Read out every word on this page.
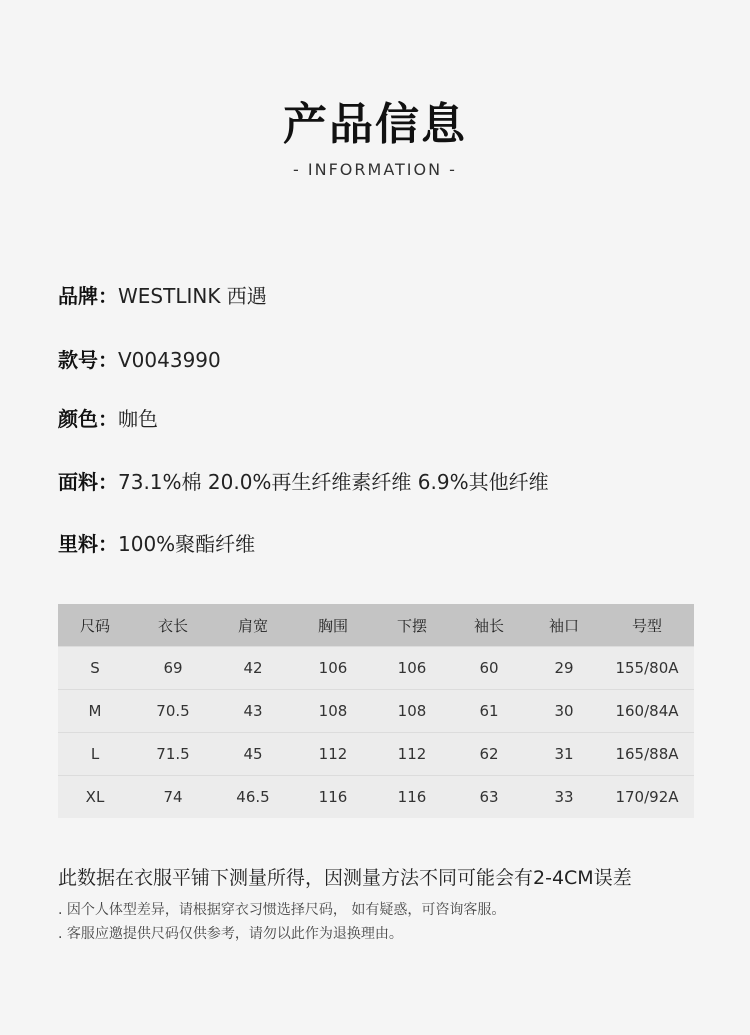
产品信息
- INFORMATION -
品牌：WESTLINK 西遇
款号：V0043990
颜色：咖色
面料：73.1%棉 20.0%再生纤维素纤维 6.9%其他纤维
里料：100%聚酯纤维
尺码	衣长	肩宽	胸围	下摆	袖长	袖口	号型
S	69	42	106	106	60	29	155/80A
M	70.5	43	108	108	61	30	160/84A
L	71.5	45	112	112	62	31	165/88A
XL	74	46.5	116	116	63	33	170/92A
此数据在衣服平铺下测量所得，因测量方法不同可能会有2-4CM误差
. 因个人体型差异，请根据穿衣习惯选择尺码， 如有疑惑，可咨询客服。
. 客服应邀提供尺码仅供参考，请勿以此作为退换理由。
